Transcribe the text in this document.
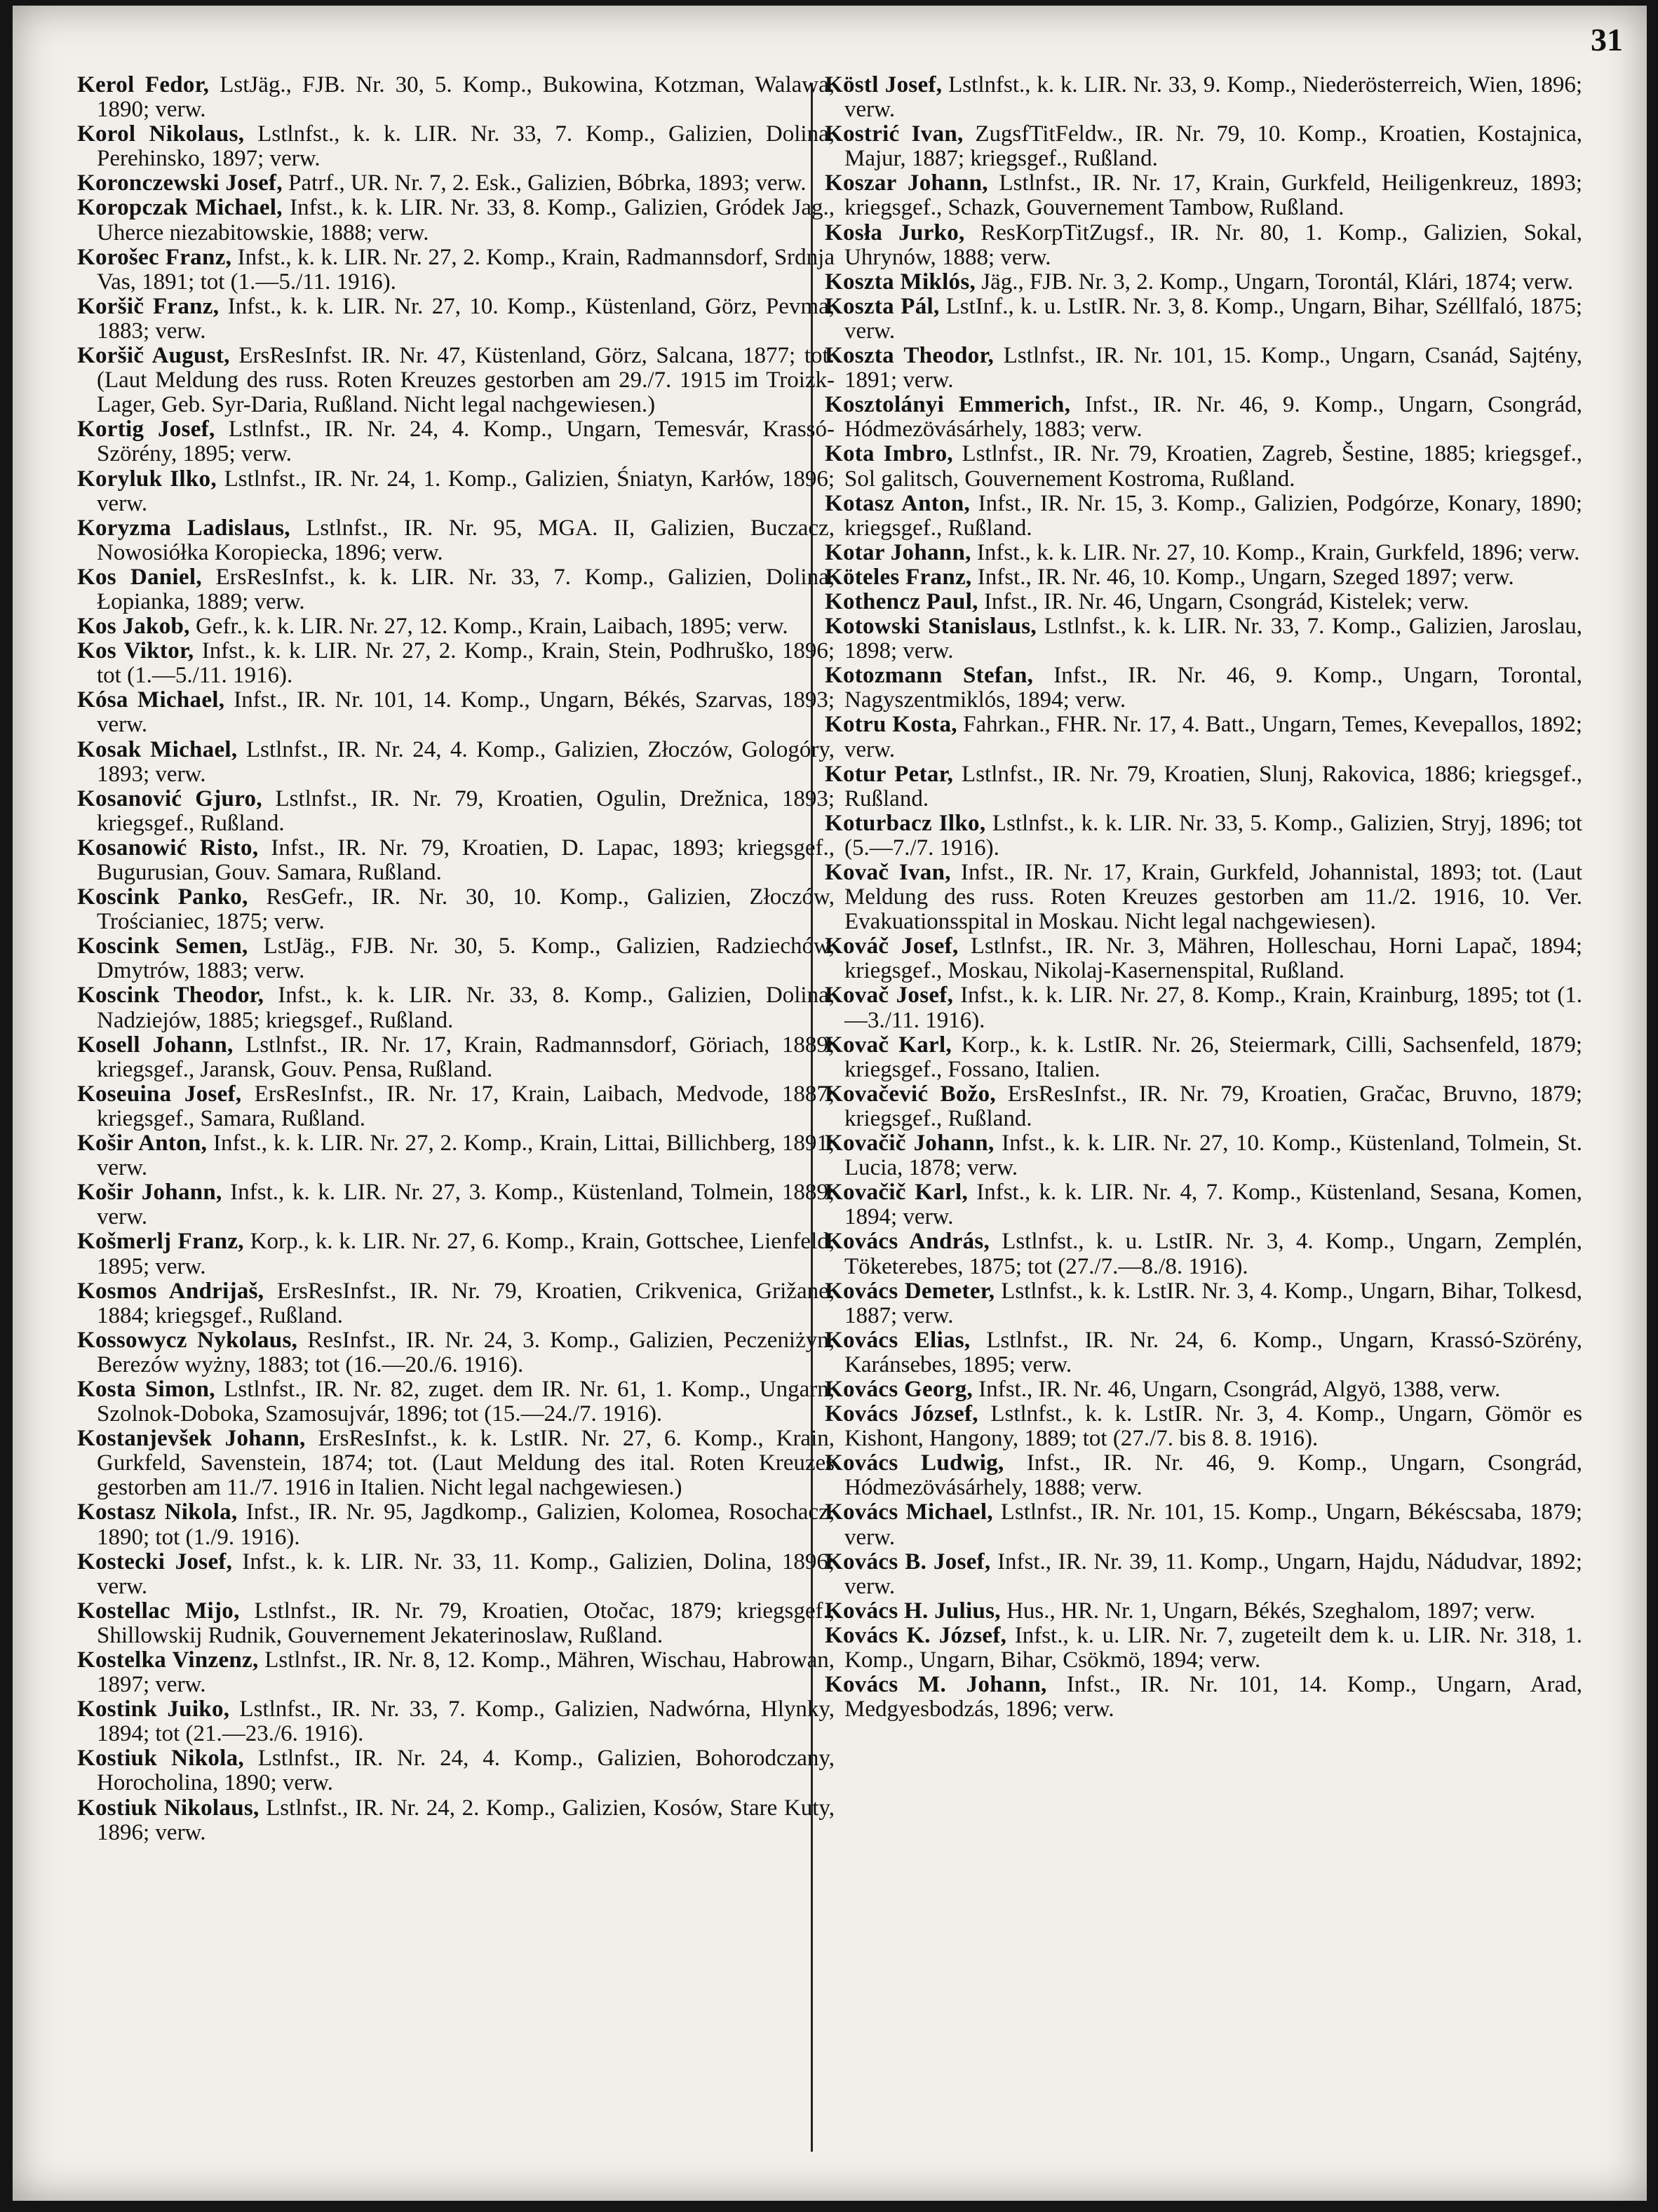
31

Kerol Fedor, LstJäg., FJB. Nr. 30, 5. Komp., Bukowina, Kotzman, Walawa, 1890; verw.

Korol Nikolaus, Lstlnfst., k. k. LIR. Nr. 33, 7. Komp., Galizien, Dolina, Perehinsko, 1897; verw.

Koronczewski Josef, Patrf., UR. Nr. 7, 2. Esk., Galizien, Bóbrka, 1893; verw.

Koropczak Michael, Infst., k. k. LIR. Nr. 33, 8. Komp., Galizien, Gródek Jag., Uherce niezabitowskie, 1888; verw.

Korošec Franz, Infst., k. k. LIR. Nr. 27, 2. Komp., Krain, Radmannsdorf, Srdnja Vas, 1891; tot (1.—5./11. 1916).

Koršič Franz, Infst., k. k. LIR. Nr. 27, 10. Komp., Küstenland, Görz, Pevma, 1883; verw.

Koršič August, ErsResInfst. IR. Nr. 47, Küstenland, Görz, Salcana, 1877; tot. (Laut Meldung des russ. Roten Kreuzes gestorben am 29./7. 1915 im Troizk-Lager, Geb. Syr-Daria, Rußland. Nicht legal nachgewiesen.)

Kortig Josef, Lstlnfst., IR. Nr. 24, 4. Komp., Ungarn, Temesvár, Krassó-Szörény, 1895; verw.

Koryluk Ilko, Lstlnfst., IR. Nr. 24, 1. Komp., Galizien, Śniatyn, Karłów, 1896; verw.

Koryzma Ladislaus, Lstlnfst., IR. Nr. 95, MGA. II, Galizien, Buczacz, Nowosiółka Koropiecka, 1896; verw.

Kos Daniel, ErsResInfst., k. k. LIR. Nr. 33, 7. Komp., Galizien, Dolina, Łopianka, 1889; verw.

Kos Jakob, Gefr., k. k. LIR. Nr. 27, 12. Komp., Krain, Laibach, 1895; verw.

Kos Viktor, Infst., k. k. LIR. Nr. 27, 2. Komp., Krain, Stein, Podhruško, 1896; tot (1.—5./11. 1916).

Kósa Michael, Infst., IR. Nr. 101, 14. Komp., Ungarn, Békés, Szarvas, 1893; verw.

Kosak Michael, Lstlnfst., IR. Nr. 24, 4. Komp., Galizien, Złoczów, Gologóry, 1893; verw.

Kosanović Gjuro, Lstlnfst., IR. Nr. 79, Kroatien, Ogulin, Drežnica, 1893; kriegsgef., Rußland.

Kosanowić Risto, Infst., IR. Nr. 79, Kroatien, D. Lapac, 1893; kriegsgef., Bugurusian, Gouv. Samara, Rußland.

Koscink Panko, ResGefr., IR. Nr. 30, 10. Komp., Galizien, Złoczów, Trościaniec, 1875; verw.

Koscink Semen, LstJäg., FJB. Nr. 30, 5. Komp., Galizien, Radziechów, Dmytrów, 1883; verw.

Koscink Theodor, Infst., k. k. LIR. Nr. 33, 8. Komp., Galizien, Dolina, Nadziejów, 1885; kriegsgef., Rußland.

Kosell Johann, Lstlnfst., IR. Nr. 17, Krain, Radmannsdorf, Göriach, 1889; kriegsgef., Jaransk, Gouv. Pensa, Rußland.

Koseuina Josef, ErsResInfst., IR. Nr. 17, Krain, Laibach, Medvode, 1887; kriegsgef., Samara, Rußland.

Košir Anton, Infst., k. k. LIR. Nr. 27, 2. Komp., Krain, Littai, Billichberg, 1891; verw.

Košir Johann, Infst., k. k. LIR. Nr. 27, 3. Komp., Küstenland, Tolmein, 1889; verw.

Košmerlj Franz, Korp., k. k. LIR. Nr. 27, 6. Komp., Krain, Gottschee, Lienfeld, 1895; verw.

Kosmos Andrijaš, ErsResInfst., IR. Nr. 79, Kroatien, Crikvenica, Grižane, 1884; kriegsgef., Rußland.

Kossowycz Nykolaus, ResInfst., IR. Nr. 24, 3. Komp., Galizien, Peczeniżyn, Berezów wyżny, 1883; tot (16.—20./6. 1916).

Kosta Simon, Lstlnfst., IR. Nr. 82, zuget. dem IR. Nr. 61, 1. Komp., Ungarn, Szolnok-Doboka, Szamosujvár, 1896; tot (15.—24./7. 1916).

Kostanjevšek Johann, ErsResInfst., k. k. LstIR. Nr. 27, 6. Komp., Krain, Gurkfeld, Savenstein, 1874; tot. (Laut Meldung des ital. Roten Kreuzes gestorben am 11./7. 1916 in Italien. Nicht legal nachgewiesen.)

Kostasz Nikola, Infst., IR. Nr. 95, Jagdkomp., Galizien, Kolomea, Rosochacz, 1890; tot (1./9. 1916).

Kostecki Josef, Infst., k. k. LIR. Nr. 33, 11. Komp., Galizien, Dolina, 1896; verw.

Kostellac Mijo, Lstlnfst., IR. Nr. 79, Kroatien, Otočac, 1879; kriegsgef., Shillowskij Rudnik, Gouvernement Jekaterinoslaw, Rußland.

Kostelka Vinzenz, Lstlnfst., IR. Nr. 8, 12. Komp., Mähren, Wischau, Habrowan, 1897; verw.

Kostink Juiko, Lstlnfst., IR. Nr. 33, 7. Komp., Galizien, Nadwórna, Hlynky, 1894; tot (21.—23./6. 1916).

Kostiuk Nikola, Lstlnfst., IR. Nr. 24, 4. Komp., Galizien, Bohorodczany, Horocholina, 1890; verw.

Kostiuk Nikolaus, Lstlnfst., IR. Nr. 24, 2. Komp., Galizien, Kosów, Stare Kuty, 1896; verw.

Köstl Josef, Lstlnfst., k. k. LIR. Nr. 33, 9. Komp., Niederösterreich, Wien, 1896; verw.

Kostrić Ivan, ZugsfTitFeldw., IR. Nr. 79, 10. Komp., Kroatien, Kostajnica, Majur, 1887; kriegsgef., Rußland.

Koszar Johann, Lstlnfst., IR. Nr. 17, Krain, Gurkfeld, Heiligenkreuz, 1893; kriegsgef., Schazk, Gouvernement Tambow, Rußland.

Kosła Jurko, ResKorpTitZugsf., IR. Nr. 80, 1. Komp., Galizien, Sokal, Uhrynów, 1888; verw.

Koszta Miklós, Jäg., FJB. Nr. 3, 2. Komp., Ungarn, Torontál, Klári, 1874; verw.

Koszta Pál, LstInf., k. u. LstIR. Nr. 3, 8. Komp., Ungarn, Bihar, Széllfaló, 1875; verw.

Koszta Theodor, Lstlnfst., IR. Nr. 101, 15. Komp., Ungarn, Csanád, Sajtény, 1891; verw.

Kosztolányi Emmerich, Infst., IR. Nr. 46, 9. Komp., Ungarn, Csongrád, Hódmezövásárhely, 1883; verw.

Kota Imbro, Lstlnfst., IR. Nr. 79, Kroatien, Zagreb, Šestine, 1885; kriegsgef., Sol galitsch, Gouvernement Kostroma, Rußland.

Kotasz Anton, Infst., IR. Nr. 15, 3. Komp., Galizien, Podgórze, Konary, 1890; kriegsgef., Rußland.

Kotar Johann, Infst., k. k. LIR. Nr. 27, 10. Komp., Krain, Gurkfeld, 1896; verw.

Köteles Franz, Infst., IR. Nr. 46, 10. Komp., Ungarn, Szeged 1897; verw.

Kothencz Paul, Infst., IR. Nr. 46, Ungarn, Csongrád, Kistelek; verw.

Kotowski Stanislaus, Lstlnfst., k. k. LIR. Nr. 33, 7. Komp., Galizien, Jaroslau, 1898; verw.

Kotozmann Stefan, Infst., IR. Nr. 46, 9. Komp., Ungarn, Torontal, Nagyszentmiklós, 1894; verw.

Kotru Kosta, Fahrkan., FHR. Nr. 17, 4. Batt., Ungarn, Temes, Kevepallos, 1892; verw.

Kotur Petar, Lstlnfst., IR. Nr. 79, Kroatien, Slunj, Rakovica, 1886; kriegsgef., Rußland.

Koturbacz Ilko, Lstlnfst., k. k. LIR. Nr. 33, 5. Komp., Galizien, Stryj, 1896; tot (5.—7./7. 1916).

Kovač Ivan, Infst., IR. Nr. 17, Krain, Gurkfeld, Johannistal, 1893; tot. (Laut Meldung des russ. Roten Kreuzes gestorben am 11./2. 1916, 10. Ver. Evakuationsspital in Moskau. Nicht legal nachgewiesen).

Kováč Josef, Lstlnfst., IR. Nr. 3, Mähren, Holleschau, Horni Lapač, 1894; kriegsgef., Moskau, Nikolaj-Kasernenspital, Rußland.

Kovač Josef, Infst., k. k. LIR. Nr. 27, 8. Komp., Krain, Krainburg, 1895; tot (1.—3./11. 1916).

Kovač Karl, Korp., k. k. LstIR. Nr. 26, Steiermark, Cilli, Sachsenfeld, 1879; kriegsgef., Fossano, Italien.

Kovačević Božo, ErsResInfst., IR. Nr. 79, Kroatien, Gračac, Bruvno, 1879; kriegsgef., Rußland.

Kovačič Johann, Infst., k. k. LIR. Nr. 27, 10. Komp., Küstenland, Tolmein, St. Lucia, 1878; verw.

Kovačič Karl, Infst., k. k. LIR. Nr. 4, 7. Komp., Küstenland, Sesana, Komen, 1894; verw.

Kovács András, Lstlnfst., k. u. LstIR. Nr. 3, 4. Komp., Ungarn, Zemplén, Töketerebes, 1875; tot (27./7.—8./8. 1916).

Kovács Demeter, Lstlnfst., k. k. LstIR. Nr. 3, 4. Komp., Ungarn, Bihar, Tolkesd, 1887; verw.

Kovács Elias, Lstlnfst., IR. Nr. 24, 6. Komp., Ungarn, Krassó-Szörény, Karánsebes, 1895; verw.

Kovács Georg, Infst., IR. Nr. 46, Ungarn, Csongrád, Algyö, 1388, verw.

Kovács József, Lstlnfst., k. k. LstIR. Nr. 3, 4. Komp., Ungarn, Gömör es Kishont, Hangony, 1889; tot (27./7. bis 8. 8. 1916).

Kovács Ludwig, Infst., IR. Nr. 46, 9. Komp., Ungarn, Csongrád, Hódmezövásárhely, 1888; verw.

Kovács Michael, Lstlnfst., IR. Nr. 101, 15. Komp., Ungarn, Békéscsaba, 1879; verw.

Kovács B. Josef, Infst., IR. Nr. 39, 11. Komp., Ungarn, Hajdu, Nádudvar, 1892; verw.

Kovács H. Julius, Hus., HR. Nr. 1, Ungarn, Békés, Szeghalom, 1897; verw.

Kovács K. József, Infst., k. u. LIR. Nr. 7, zugeteilt dem k. u. LIR. Nr. 318, 1. Komp., Ungarn, Bihar, Csökmö, 1894; verw.

Kovács M. Johann, Infst., IR. Nr. 101, 14. Komp., Ungarn, Arad, Medgyesbodzás, 1896; verw.
